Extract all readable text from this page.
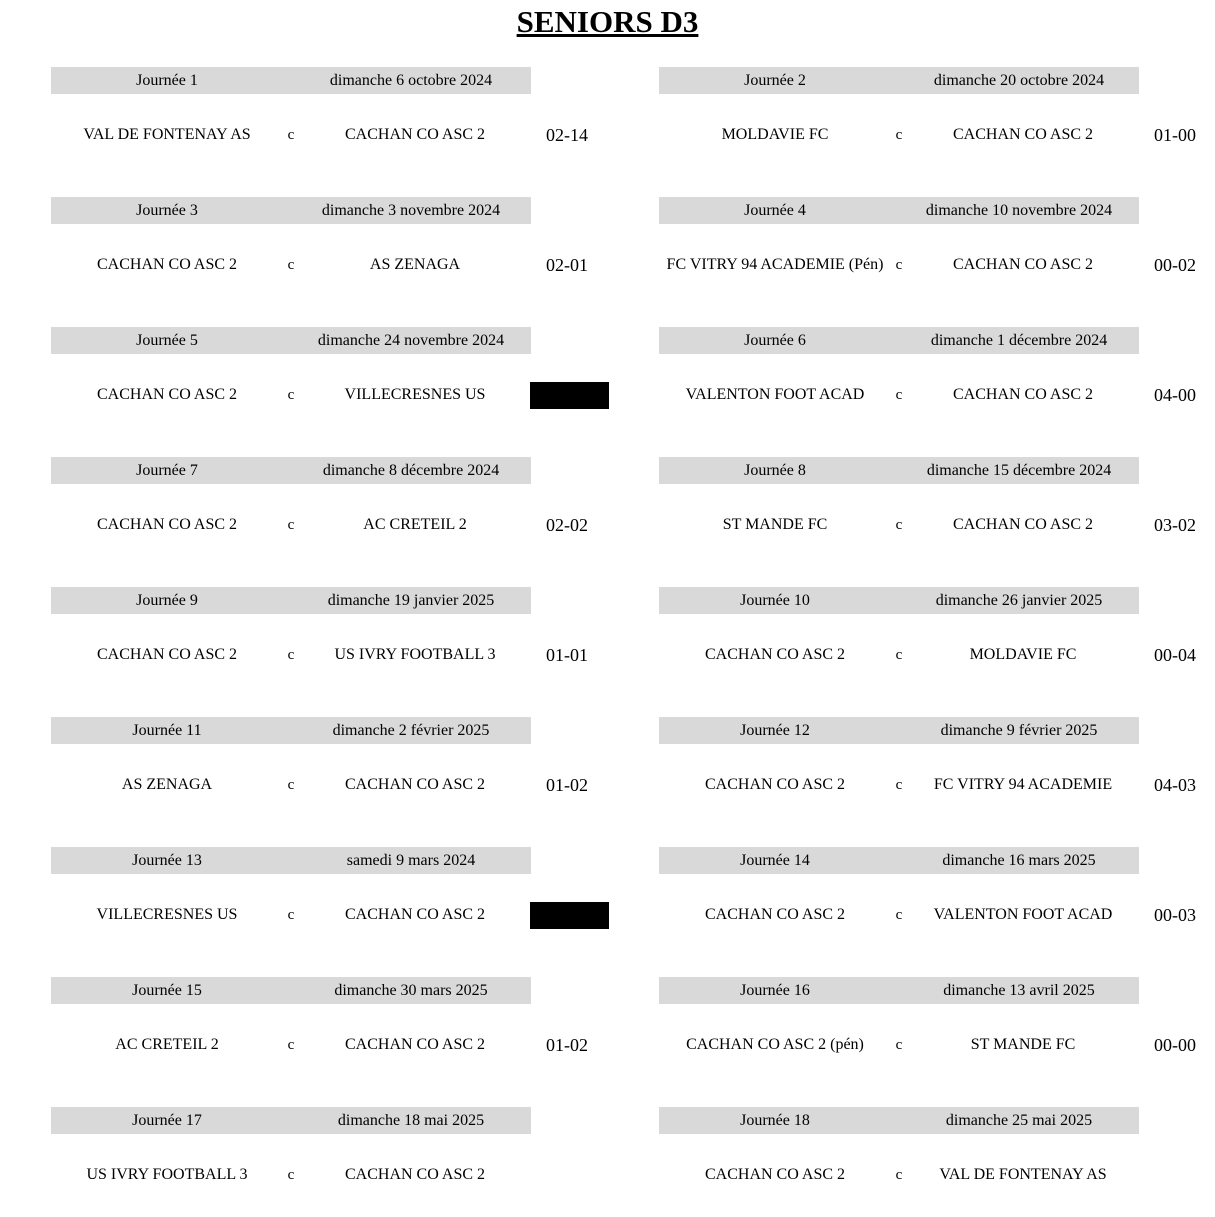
SENIORS D3
Journée 1	dimanche 6 octobre 2024
VAL DE FONTENAY AS	c	CACHAN CO ASC 2	02-14
Journée 2	dimanche 20 octobre 2024
MOLDAVIE FC	c	CACHAN CO ASC 2	01-00
Journée 3	dimanche 3 novembre 2024
CACHAN CO ASC 2	c	AS ZENAGA	02-01
Journée 4	dimanche 10 novembre 2024
FC VITRY 94 ACADEMIE (Pén) c	CACHAN CO ASC 2	00-02
Journée 5	dimanche 24 novembre 2024
CACHAN CO ASC 2	c	VILLECRESNES US
Journée 6	dimanche 1 décembre 2024
VALENTON FOOT ACAD	c	CACHAN CO ASC 2	04-00
Journée 7	dimanche 8 décembre 2024
CACHAN CO ASC 2	c	AC CRETEIL 2	02-02
Journée 8	dimanche 15 décembre 2024
ST MANDE FC	c	CACHAN CO ASC 2	03-02
Journée 9	dimanche 19 janvier 2025
CACHAN CO ASC 2	c	US IVRY FOOTBALL 3	01-01
Journée 10	dimanche 26 janvier 2025
CACHAN CO ASC 2	c	MOLDAVIE FC	00-04
Journée 11	dimanche 2 février 2025
AS ZENAGA	c	CACHAN CO ASC 2	01-02
Journée 12	dimanche 9 février 2025
CACHAN CO ASC 2	c	FC VITRY 94 ACADEMIE	04-03
Journée 13	samedi 9 mars 2024
VILLECRESNES US	c	CACHAN CO ASC 2
Journée 14	dimanche 16 mars 2025
CACHAN CO ASC 2	c	VALENTON FOOT ACAD	00-03
Journée 15	dimanche 30 mars 2025
AC CRETEIL 2	c	CACHAN CO ASC 2	01-02
Journée 16	dimanche 13 avril 2025
CACHAN CO ASC 2 (pén)	c	ST MANDE FC	00-00
Journée 17	dimanche 18 mai 2025
US IVRY FOOTBALL 3	c	CACHAN CO ASC 2
Journée 18	dimanche 25 mai 2025
CACHAN CO ASC 2	c	VAL DE FONTENAY AS
